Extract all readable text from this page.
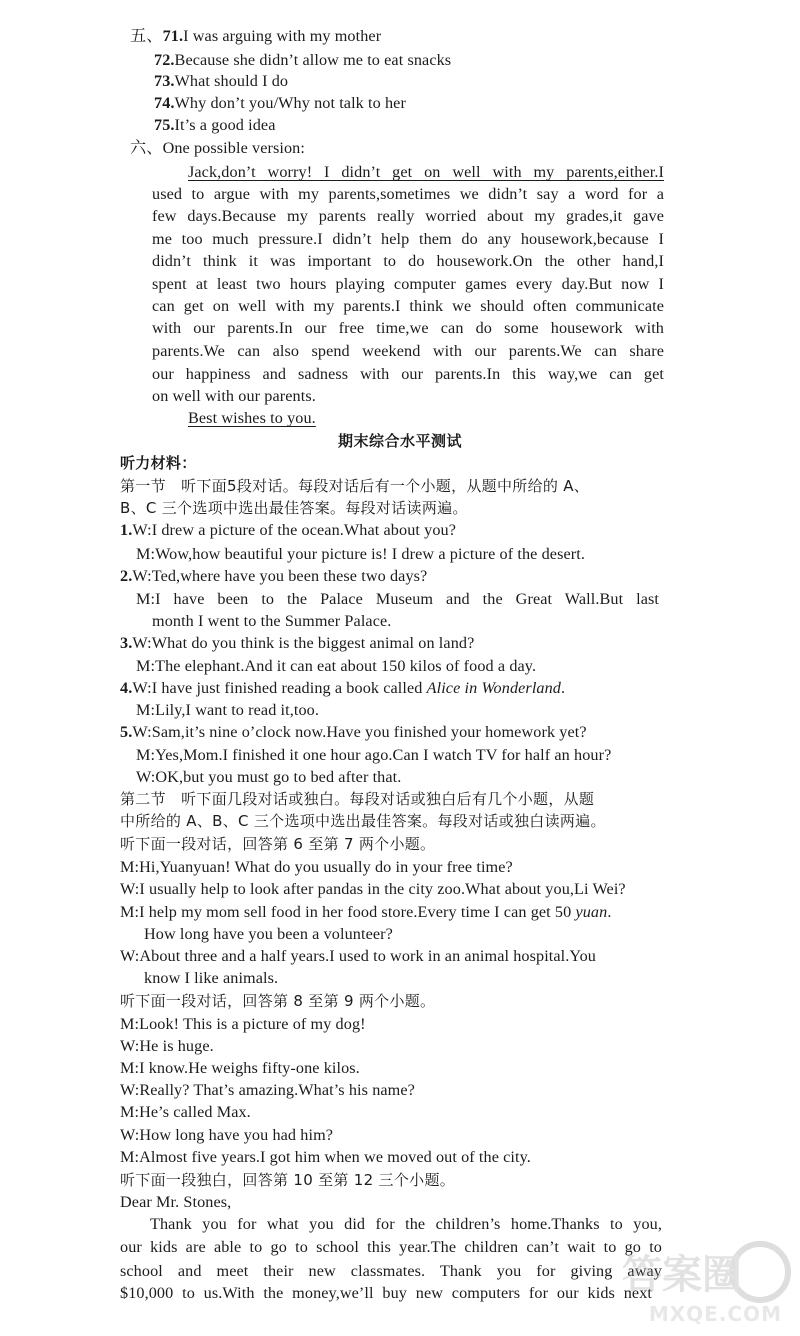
五、71.I was arguing with my mother
72.Because she didn’t allow me to eat snacks
73.What should I do
74.Why don’t you/Why not talk to her
75.It’s a good idea
六、One possible version:
Jack,don’t worry! I didn’t get on well with my parents,either.I
used to argue with my parents,sometimes we didn’t say a word for a
few days.Because my parents really worried about my grades,it gave
me too much pressure.I didn’t help them do any housework,because I
didn’t think it was important to do housework.On the other hand,I
spent at least two hours playing computer games every day.But now I
can get on well with my parents.I think we should often communicate
with our parents.In our free time,we can do some housework with
parents.We can also spend weekend with our parents.We can share
our happiness and sadness with our parents.In this way,we can get
on well with our parents.
Best wishes to you.
期末综合水平测试
听力材料：
第一节 听下面5段对话。每段对话后有一个小题，从题中所给的 A、
B、C 三个选项中选出最佳答案。每段对话读两遍。
1.W:I drew a picture of the ocean.What about you?
M:Wow,how beautiful your picture is! I drew a picture of the desert.
2.W:Ted,where have you been these two days?
M:I have been to the Palace Museum and the Great Wall.But last
month I went to the Summer Palace.
3.W:What do you think is the biggest animal on land?
M:The elephant.And it can eat about 150 kilos of food a day.
4.W:I have just finished reading a book called Alice in Wonderland.
M:Lily,I want to read it,too.
5.W:Sam,it’s nine o’clock now.Have you finished your homework yet?
M:Yes,Mom.I finished it one hour ago.Can I watch TV for half an hour?
W:OK,but you must go to bed after that.
第二节 听下面几段对话或独白。每段对话或独白后有几个小题，从题
中所给的 A、B、C 三个选项中选出最佳答案。每段对话或独白读两遍。
听下面一段对话，回答第 6 至第 7 两个小题。
M:Hi,Yuanyuan! What do you usually do in your free time?
W:I usually help to look after pandas in the city zoo.What about you,Li Wei?
M:I help my mom sell food in her food store.Every time I can get 50 yuan.
How long have you been a volunteer?
W:About three and a half years.I used to work in an animal hospital.You
know I like animals.
听下面一段对话，回答第 8 至第 9 两个小题。
M:Look! This is a picture of my dog!
W:He is huge.
M:I know.He weighs fifty-one kilos.
W:Really? That’s amazing.What’s his name?
M:He’s called Max.
W:How long have you had him?
M:Almost five years.I got him when we moved out of the city.
听下面一段独白，回答第 10 至第 12 三个小题。
Dear Mr. Stones,
Thank you for what you did for the children’s home.Thanks to you,
our kids are able to go to school this year.The children can’t wait to go to
school and meet their new classmates. Thank you for giving away
$10,000 to us.With the money,we’ll buy new computers for our kids next
答案圈
MXQE.COM
